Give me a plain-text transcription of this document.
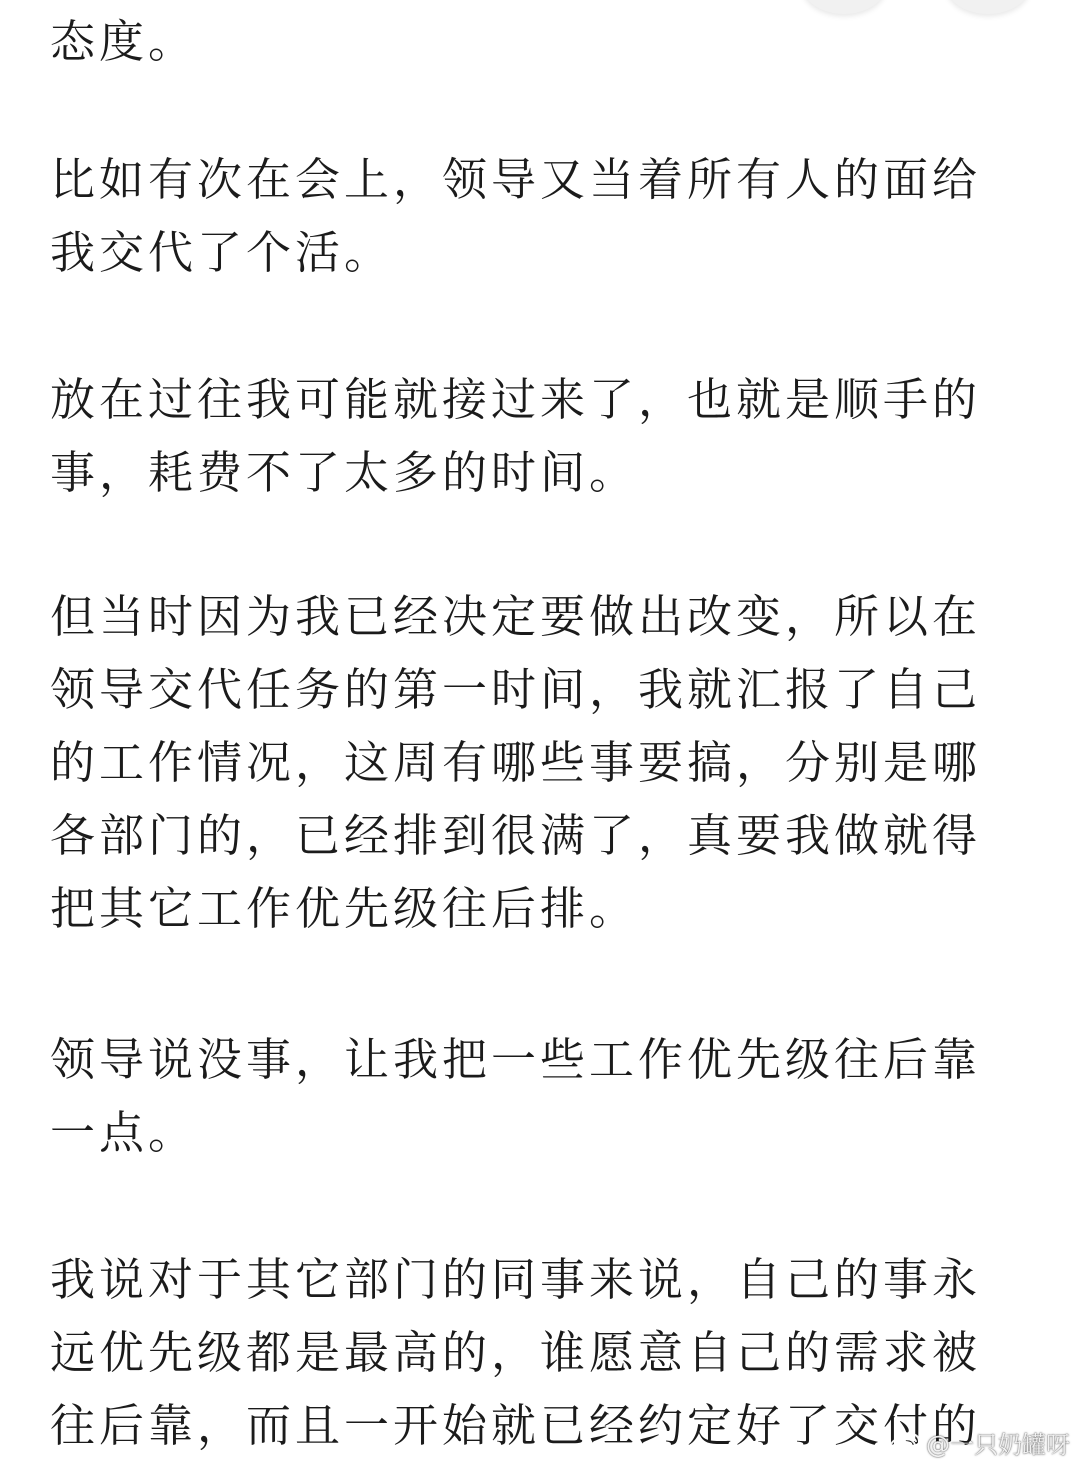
态度。

比如有次在会上，领导又当着所有人的面给
我交代了个活。

放在过往我可能就接过来了，也就是顺手的
事，耗费不了太多的时间。

但当时因为我已经决定要做出改变，所以在
领导交代任务的第一时间，我就汇报了自己
的工作情况，这周有哪些事要搞，分别是哪
各部门的，已经排到很满了，真要我做就得
把其它工作优先级往后排。

领导说没事，让我把一些工作优先级往后靠
一点。

我说对于其它部门的同事来说，自己的事永
远优先级都是最高的，谁愿意自己的需求被
往后靠，而且一开始就已经约定好了交付的

@一只奶罐呀
